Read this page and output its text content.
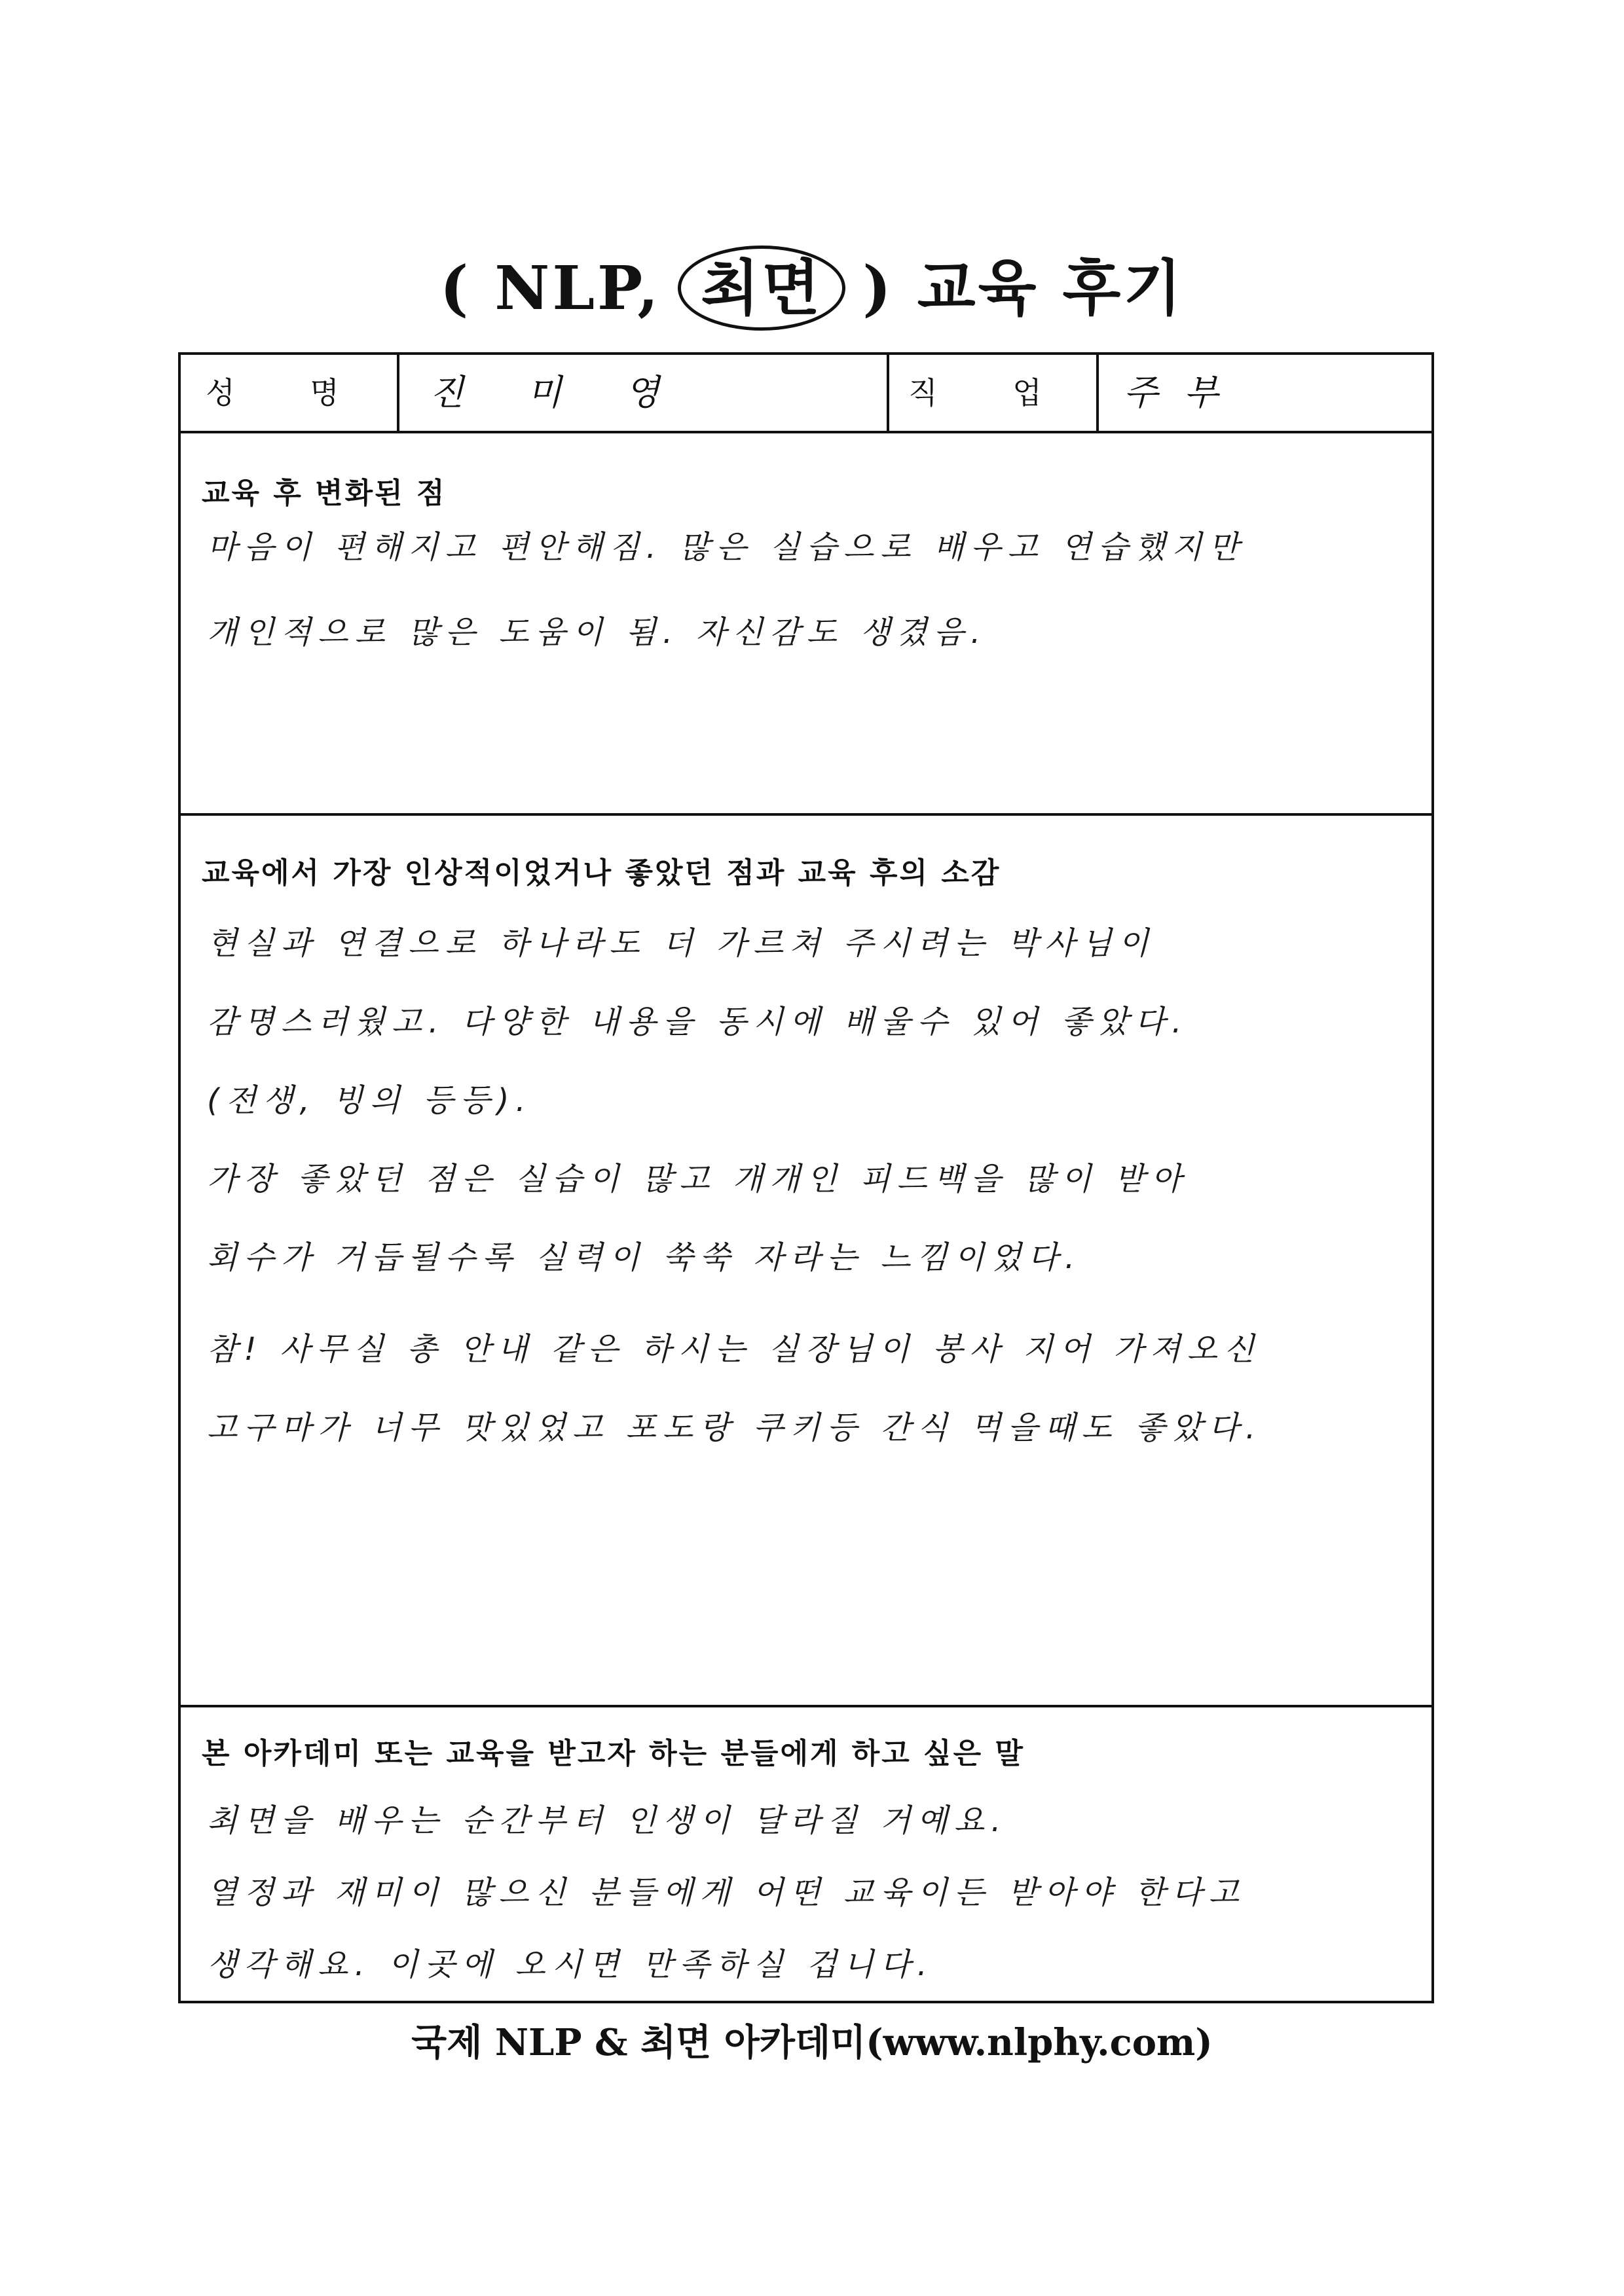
( NLP, 최면 ) 교육 후기
성 명	진 미 영	직 업	주부
교육 후 변화된 점
마음이 편해지고 편안해짐. 많은 실습으로 배우고 연습했지만
개인적으로 많은 도움이 됨. 자신감도 생겼음.
교육에서 가장 인상적이었거나 좋았던 점과 교육 후의 소감
현실과 연결으로 하나라도 더 가르쳐 주시려는 박사님이
감명스러웠고. 다양한 내용을 동시에 배울수 있어 좋았다.
(전생, 빙의 등등).
가장 좋았던 점은 실습이 많고 개개인 피드백을 많이 받아
회수가 거듭될수록 실력이 쑥쑥 자라는 느낌이었다.
참! 사무실 총 안내 같은 하시는 실장님이 봉사 지어 가져오신
고구마가 너무 맛있었고 포도랑 쿠키등 간식 먹을때도 좋았다.
본 아카데미 또는 교육을 받고자 하는 분들에게 하고 싶은 말
최면을 배우는 순간부터 인생이 달라질 거예요.
열정과 재미이 많으신 분들에게 어떤 교육이든 받아야 한다고
생각해요. 이곳에 오시면 만족하실 겁니다.
국제 NLP & 최면 아카데미(www.nlphy.com)
